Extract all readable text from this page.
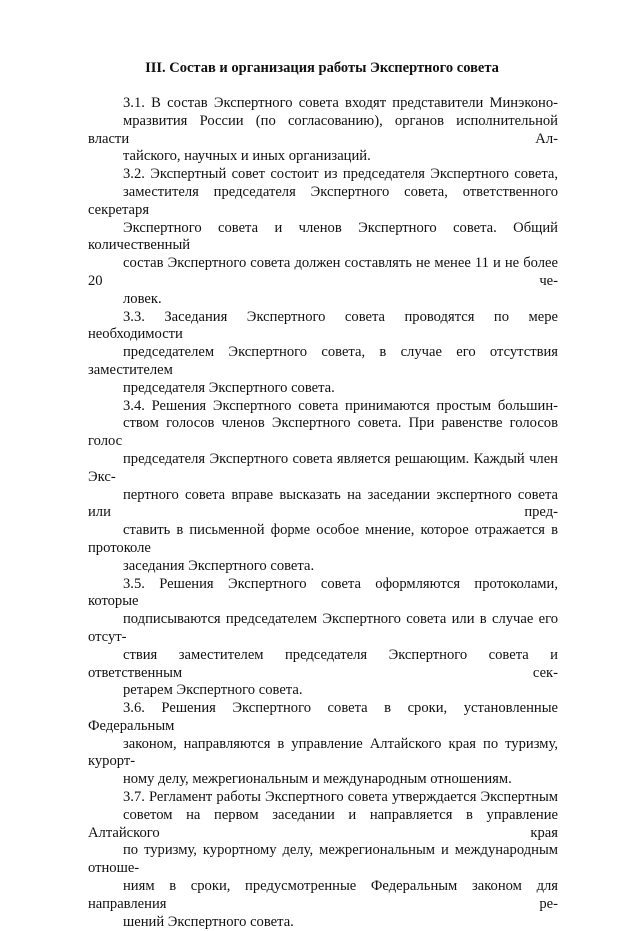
III. Состав и организация работы Экспертного совета

3.1. В состав Экспертного совета входят представители Минэконо-
мразвития России (по согласованию), органов исполнительной власти Ал-
тайского, научных и иных организаций.

3.2. Экспертный совет состоит из председателя Экспертного совета,
заместителя председателя Экспертного совета, ответственного секретаря
Экспертного совета и членов Экспертного совета. Общий количественный
состав Экспертного совета должен составлять не менее 11 и не более 20 че-
ловек.

3.3. Заседания Экспертного совета проводятся по мере необходимости
председателем Экспертного совета, в случае его отсутствия заместителем
председателя Экспертного совета.

3.4. Решения Экспертного совета принимаются простым большин-
ством голосов членов Экспертного совета. При равенстве голосов голос
председателя Экспертного совета является решающим. Каждый член Экс-
пертного совета вправе высказать на заседании экспертного совета или пред-
ставить в письменной форме особое мнение, которое отражается в протоколе
заседания Экспертного совета.

3.5. Решения Экспертного совета оформляются протоколами, которые
подписываются председателем Экспертного совета или в случае его отсут-
ствия заместителем председателя Экспертного совета и ответственным сек-
ретарем Экспертного совета.

3.6. Решения Экспертного совета в сроки, установленные Федеральным
законом, направляются в управление Алтайского края по туризму, курорт-
ному делу, межрегиональным и международным отношениям.

3.7. Регламент работы Экспертного совета утверждается Экспертным
советом на первом заседании и направляется в управление Алтайского края
по туризму, курортному делу, межрегиональным и международным отноше-
ниям в сроки, предусмотренные Федеральным законом для направления ре-
шений Экспертного совета.
